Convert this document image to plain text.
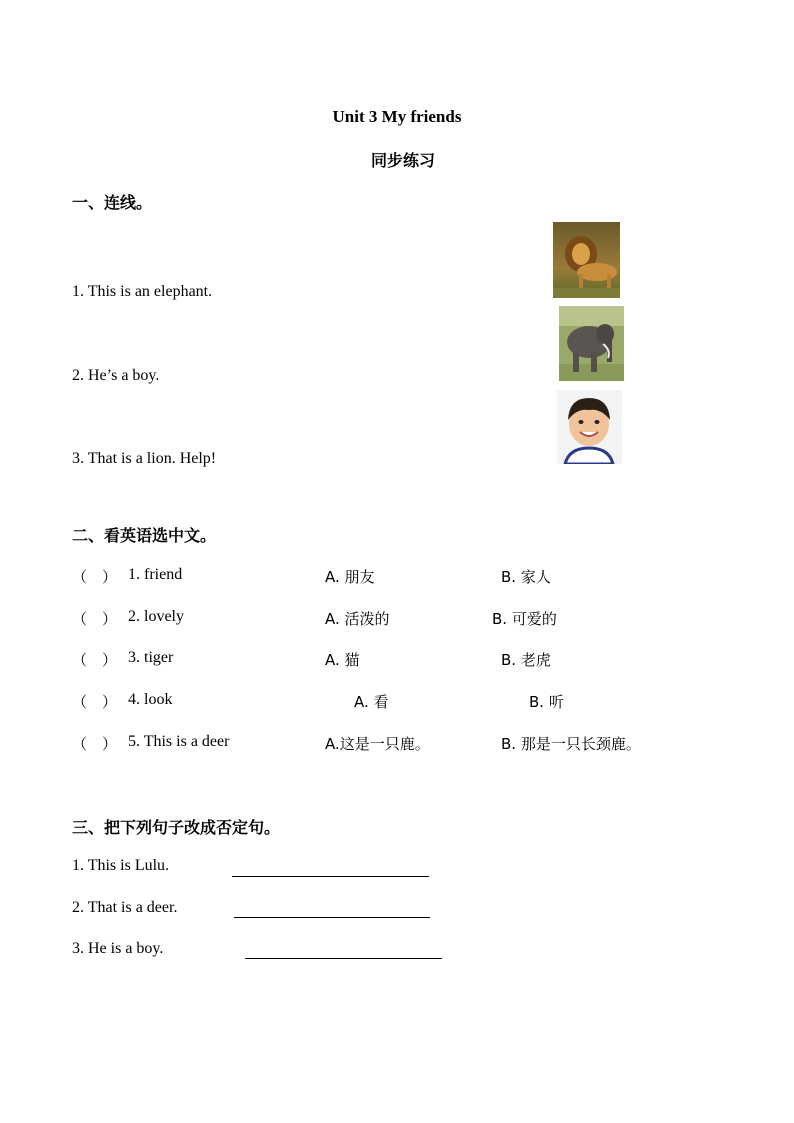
Unit 3 My friends
同步练习
一、连线。
1. This is an elephant.
2. He’s a boy.
3. That is a lion. Help!
二、看英语选中文。
（　） 1. friend	A. 朋友	B. 家人
（　） 2. lovely	A. 活泼的	B. 可爱的
（　） 3. tiger	A. 猫	B. 老虎
（　） 4. look	A. 看	B. 听
（　） 5. This is a deer	A.这是一只鹿。	B. 那是一只长颈鹿。
三、把下列句子改成否定句。
1. This is Lulu.
2. That is a deer.
3. He is a boy.
